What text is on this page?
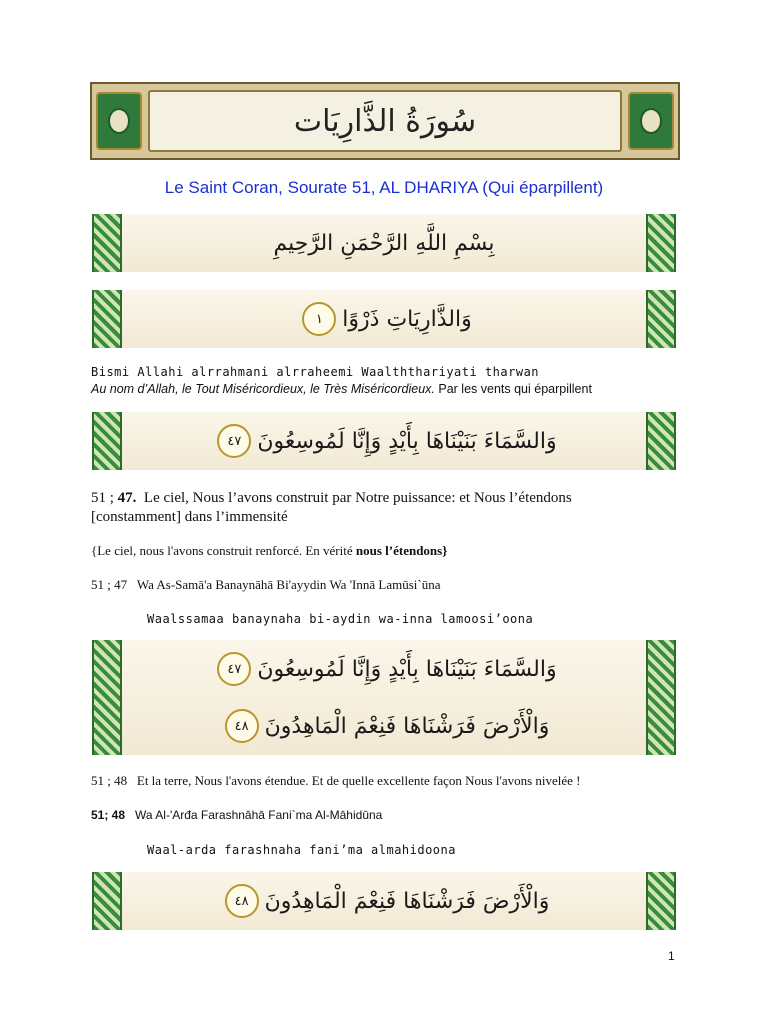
سُورَةُ الذَّارِيَات
Le Saint Coran, Sourate 51, AL DHARIYA (Qui éparpillent)
بِسْمِ اللَّهِ الرَّحْمَنِ الرَّحِيمِ
وَالذَّارِيَاتِ ذَرْوًا
١
Bismi Allahi alrrahmani alrraheemi Waalththariyati tharwan
Au nom d’Allah, le Tout Miséricordieux, le Très Miséricordieux. Par les vents qui éparpillent
وَالسَّمَاءَ بَنَيْنَاهَا بِأَيْدٍ وَإِنَّا لَمُوسِعُونَ
٤٧
51 ; 47. Le ciel, Nous l’avons construit par Notre puissance: et Nous l’étendons
[constamment] dans l’immensité
{Le ciel, nous l'avons construit renforcé. En vérité nous l’étendons}
51 ; 47 Wa As-Samā'a Banaynāhā Bi'ayydin Wa 'Innā Lamūsi`ūna
Waalssamaa banaynaha bi-aydin wa-inna lamoosi’oona
وَالسَّمَاءَ بَنَيْنَاهَا بِأَيْدٍ وَإِنَّا لَمُوسِعُونَ
٤٧
وَالْأَرْضَ فَرَشْنَاهَا فَنِعْمَ الْمَاهِدُونَ
٤٨
51 ; 48 Et la terre, Nous l'avons étendue. Et de quelle excellente façon Nous l'avons nivelée !
51; 48 Wa Al-'Arđa Farashnāhā Fani`ma Al-Māhidūna
Waal-arda farashnaha fani’ma almahidoona
وَالْأَرْضَ فَرَشْنَاهَا فَنِعْمَ الْمَاهِدُونَ
٤٨
1
